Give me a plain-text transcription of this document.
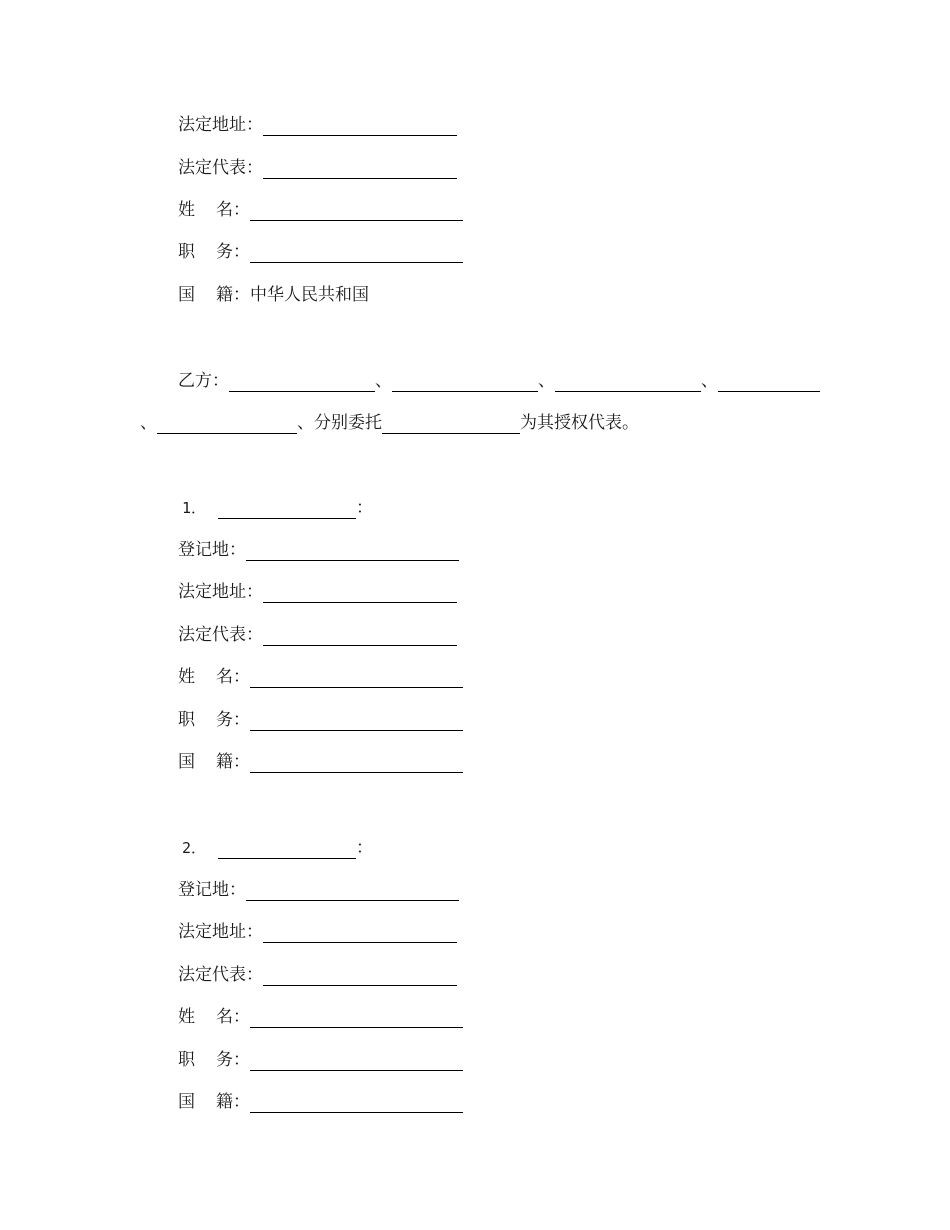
法定地址：
法定代表：
姓	名：
职	务：
国	籍： 中华人民共和国
乙方：	、	、	、
、	、分别委托	为其授权代表。
1．	：
登记地：
法定地址：
法定代表：
姓	名：
职	务：
国	籍：
2．	：
登记地：
法定地址：
法定代表：
姓	名：
职	务：
国	籍：
